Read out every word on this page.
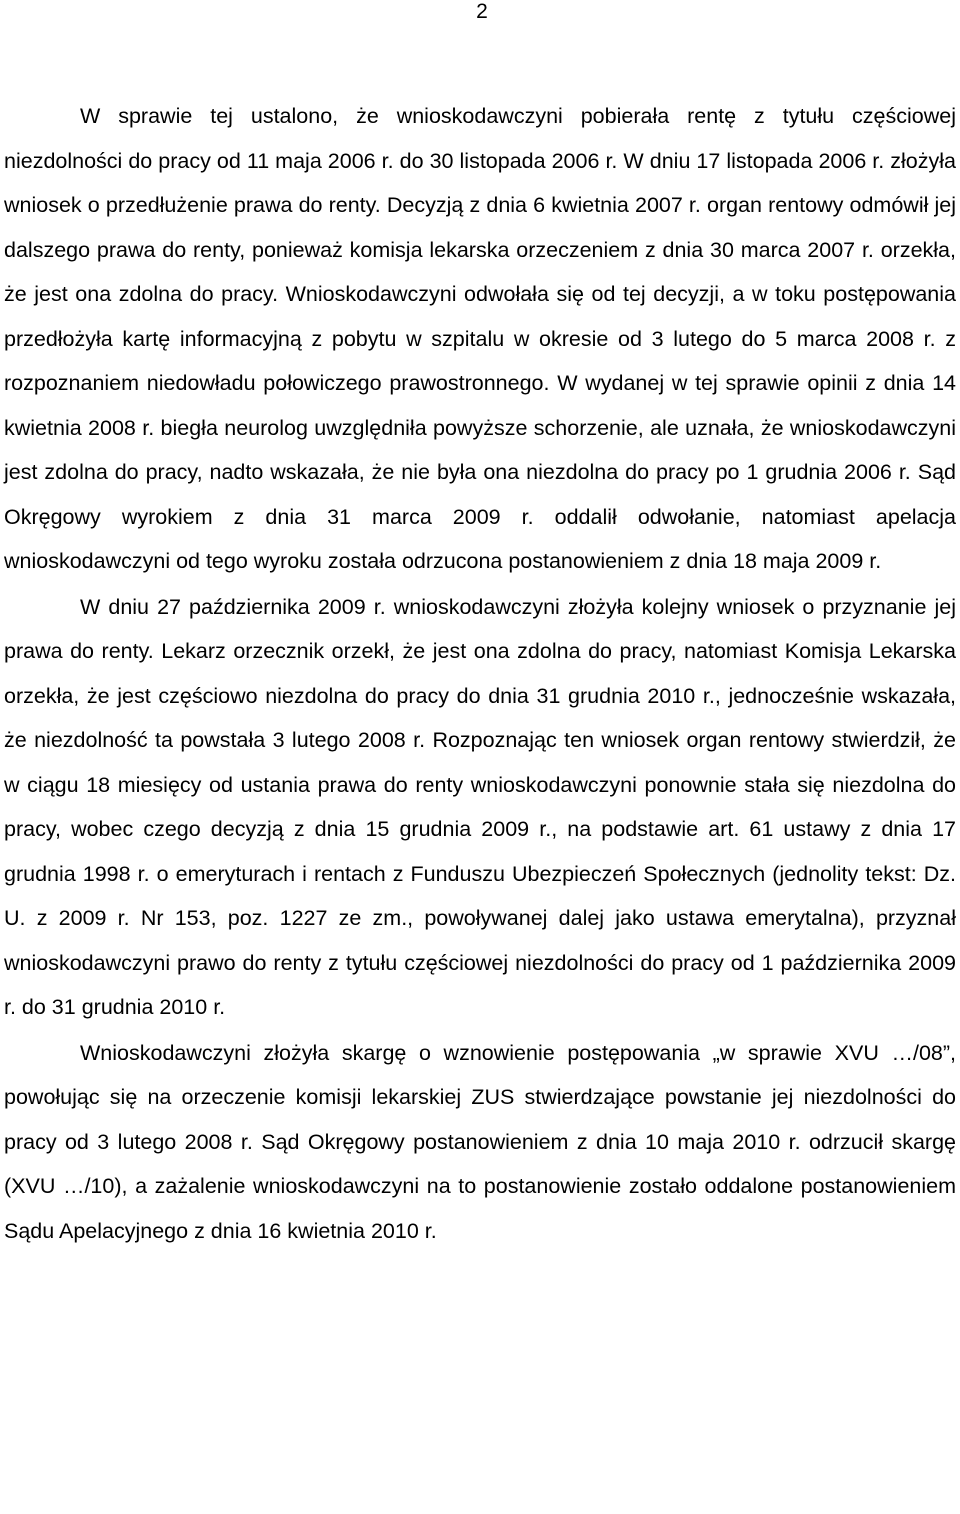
2

W sprawie tej ustalono, że wnioskodawczyni pobierała rentę z tytułu częściowej niezdolności do pracy od 11 maja 2006 r. do 30 listopada 2006 r. W dniu 17 listopada 2006 r. złożyła wniosek o przedłużenie prawa do renty. Decyzją z dnia 6 kwietnia 2007 r. organ rentowy odmówił jej dalszego prawa do renty, ponieważ komisja lekarska orzeczeniem z dnia 30 marca 2007 r. orzekła, że jest ona zdolna do pracy. Wnioskodawczyni odwołała się od tej decyzji, a w toku postępowania przedłożyła kartę informacyjną z pobytu w szpitalu w okresie od 3 lutego do 5 marca 2008 r. z rozpoznaniem niedowładu połowiczego prawostronnego. W wydanej w tej sprawie opinii z dnia 14 kwietnia 2008 r. biegła neurolog uwzględniła powyższe schorzenie, ale uznała, że wnioskodawczyni jest zdolna do pracy, nadto wskazała, że nie była ona niezdolna do pracy po 1 grudnia 2006 r. Sąd Okręgowy wyrokiem z dnia 31 marca 2009 r. oddalił odwołanie, natomiast apelacja wnioskodawczyni od tego wyroku została odrzucona postanowieniem z dnia 18 maja 2009 r.

W dniu 27 października 2009 r. wnioskodawczyni złożyła kolejny wniosek o przyznanie jej prawa do renty. Lekarz orzecznik orzekł, że jest ona zdolna do pracy, natomiast Komisja Lekarska orzekła, że jest częściowo niezdolna do pracy do dnia 31 grudnia 2010 r., jednocześnie wskazała, że niezdolność ta powstała 3 lutego 2008 r. Rozpoznając ten wniosek organ rentowy stwierdził, że w ciągu 18 miesięcy od ustania prawa do renty wnioskodawczyni ponownie stała się niezdolna do pracy, wobec czego decyzją z dnia 15 grudnia 2009 r., na podstawie art. 61 ustawy z dnia 17 grudnia 1998 r. o emeryturach i rentach z Funduszu Ubezpieczeń Społecznych (jednolity tekst: Dz. U. z 2009 r. Nr 153, poz. 1227 ze zm., powoływanej dalej jako ustawa emerytalna), przyznał wnioskodawczyni prawo do renty z tytułu częściowej niezdolności do pracy od 1 października 2009 r. do 31 grudnia 2010 r.

Wnioskodawczyni złożyła skargę o wznowienie postępowania „w sprawie XVU …/08”, powołując się na orzeczenie komisji lekarskiej ZUS stwierdzające powstanie jej niezdolności do pracy od 3 lutego 2008 r. Sąd Okręgowy postanowieniem z dnia 10 maja 2010 r. odrzucił skargę (XVU …/10), a zażalenie wnioskodawczyni na to postanowienie zostało oddalone postanowieniem Sądu Apelacyjnego z dnia 16 kwietnia 2010 r.
